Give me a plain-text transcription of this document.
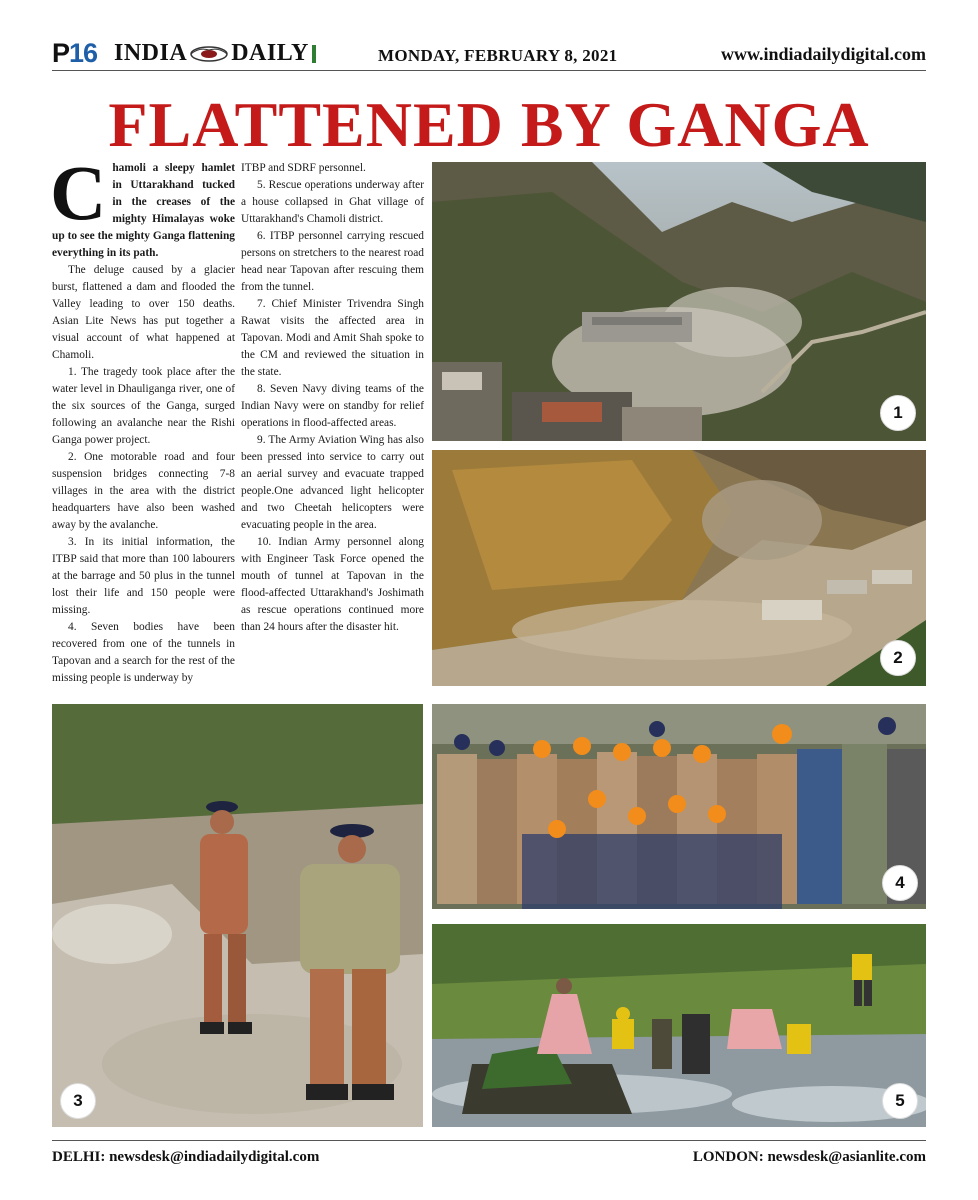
P16 INDIA DAILY	MONDAY, FEBRUARY 8, 2021	www.indiadailydigital.com
FLATTENED BY GANGA

Chamoli a sleepy hamlet in Uttarakhand tucked in the creases of the mighty Himalayas woke up to see the mighty Ganga flattening everything in its path.

The deluge caused by a glacier burst, flattened a dam and flooded the Valley leading to over 150 deaths. Asian Lite News has put together a visual account of what happened at Chamoli.

1. The tragedy took place after the water level in Dhauliganga river, one of the six sources of the Ganga, surged following an avalanche near the Rishi Ganga power project.

2. One motorable road and four suspension bridges connecting 7-8 villages in the area with the district headquarters have also been washed away by the avalanche.

3. In its initial information, the ITBP said that more than 100 labourers at the barrage and 50 plus in the tunnel lost their life and 150 people were missing.

4. Seven bodies have been recovered from one of the tunnels in Tapovan and a search for the rest of the missing people is underway by

ITBP and SDRF personnel.

5. Rescue operations underway after a house collapsed in Ghat village of Uttarakhand's Chamoli district.

6. ITBP personnel carrying rescued persons on stretchers to the nearest road head near Tapovan after rescuing them from the tunnel.

7. Chief Minister Trivendra Singh Rawat visits the affected area in Tapovan. Modi and Amit Shah spoke to the CM and reviewed the situation in the state.

8. Seven Navy diving teams of the Indian Navy were on standby for relief operations in flood-affected areas.

9. The Army Aviation Wing has also been pressed into service to carry out an aerial survey and evacuate trapped people.One advanced light helicopter and two Cheetah helicopters were evacuating people in the area.

10. Indian Army personnel along with Engineer Task Force opened the mouth of tunnel at Tapovan in the flood-affected Uttarakhand's Joshimath as rescue operations continued more than 24 hours after the disaster hit.

1
2
3
4
5
DELHI: newsdesk@indiadailydigital.com	LONDON: newsdesk@asianlite.com
